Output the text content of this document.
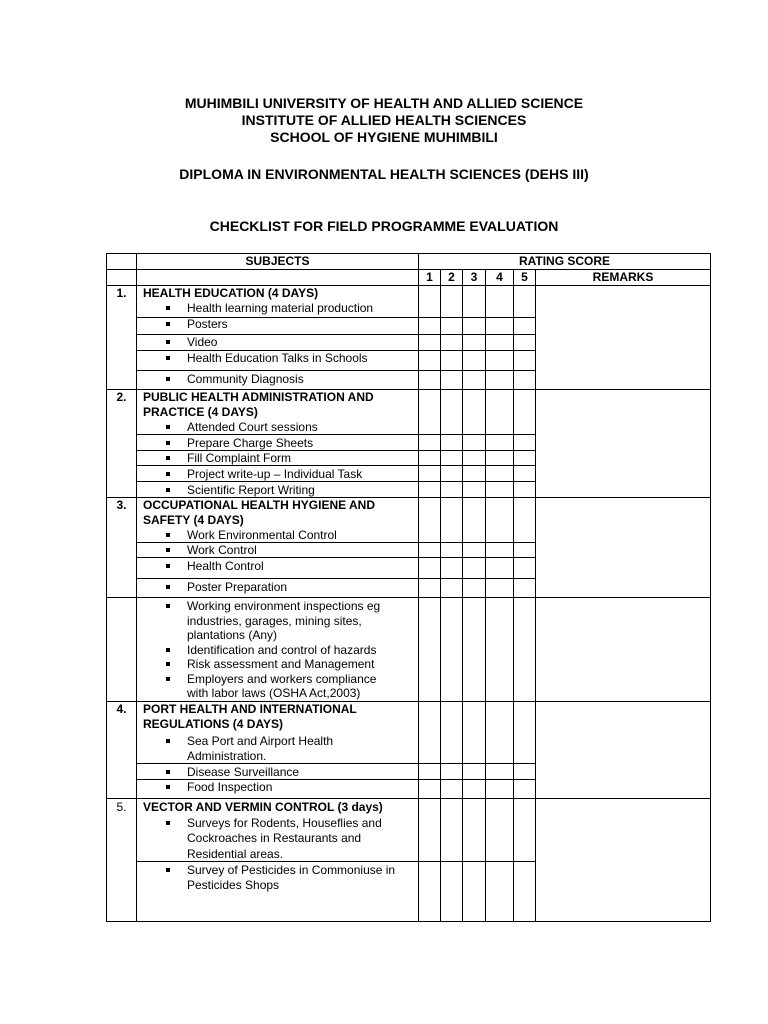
MUHIMBILI UNIVERSITY OF HEALTH AND ALLIED SCIENCE
INSTITUTE OF ALLIED HEALTH SCIENCES
SCHOOL OF HYGIENE MUHIMBILI
DIPLOMA IN ENVIRONMENTAL HEALTH SCIENCES (DEHS III)
CHECKLIST FOR FIELD PROGRAMME EVALUATION
SUBJECTS	RATING SCORE
1	2	3	4	5	REMARKS
1.	HEALTH EDUCATION (4 DAYS)
Health learning material production
Posters
Video
Health Education Talks in Schools
Community Diagnosis
2.	PUBLIC HEALTH ADMINISTRATION AND
PRACTICE (4 DAYS)
Attended Court sessions
Prepare Charge Sheets
Fill Complaint Form
Project write-up – Individual Task
Scientific Report Writing
3.	OCCUPATIONAL HEALTH HYGIENE AND
SAFETY (4 DAYS)
Work Environmental Control
Work Control
Health Control
Poster Preparation
Working environment inspections eg
industries, garages, mining sites,
plantations (Any)
Identification and control of hazards
Risk assessment and Management
Employers and workers compliance
with labor laws (OSHA Act,2003)
4.	PORT HEALTH AND INTERNATIONAL
REGULATIONS (4 DAYS)
Sea Port and Airport Health
Administration.
Disease Surveillance
Food Inspection
5.	VECTOR AND VERMIN CONTROL (3 days)
Surveys for Rodents, Houseflies and
Cockroaches in Restaurants and
Residential areas.
Survey of Pesticides in Commoniuse in
Pesticides Shops
